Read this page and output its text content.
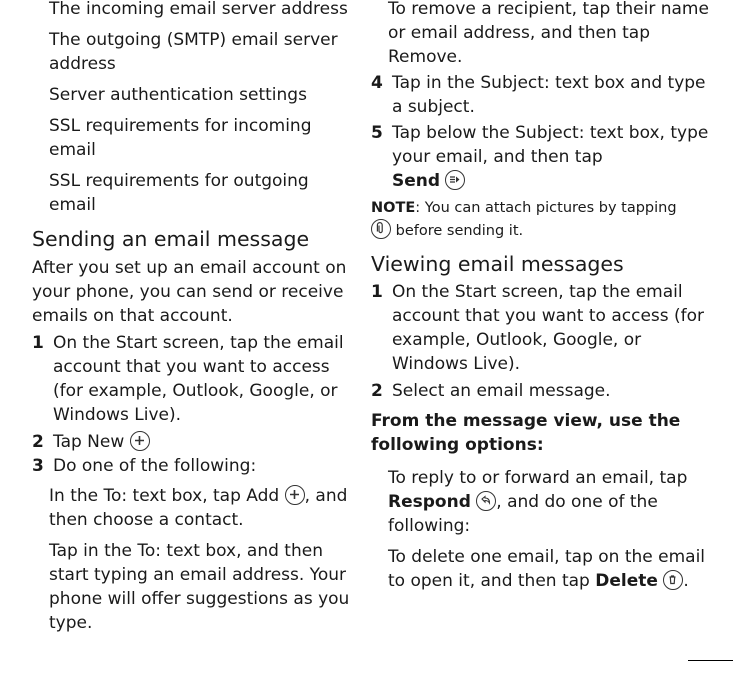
The incoming email server address
The outgoing (SMTP) email server address
Server authentication settings
SSL requirements for incoming email
SSL requirements for outgoing email
Sending an email message

After you set up an email account on your phone, you can send or receive emails on that account.

1 On the Start screen, tap the email account that you want to access (for example, Outlook, Google, or Windows Live).
2 Tap New
3 Do one of the following:

In the To: text box, tap Add , and then choose a contact.

Tap in the To: text box, and then start typing an email address. Your phone will offer suggestions as you type.

To remove a recipient, tap their name or email address, and then tap Remove.

4 Tap in the Subject: text box and type a subject.
5 Tap below the Subject: text box, type your email, and then tap
Send

NOTE: You can attach pictures by tapping

before sending it.

Viewing email messages
1 On the Start screen, tap the email account that you want to access (for example, Outlook, Google, or Windows Live).
2 Select an email message.

From the message view, use the following options:

To reply to or forward an email, tap Respond , and do one of the following:

To delete one email, tap on the email to open it, and then tap Delete .
